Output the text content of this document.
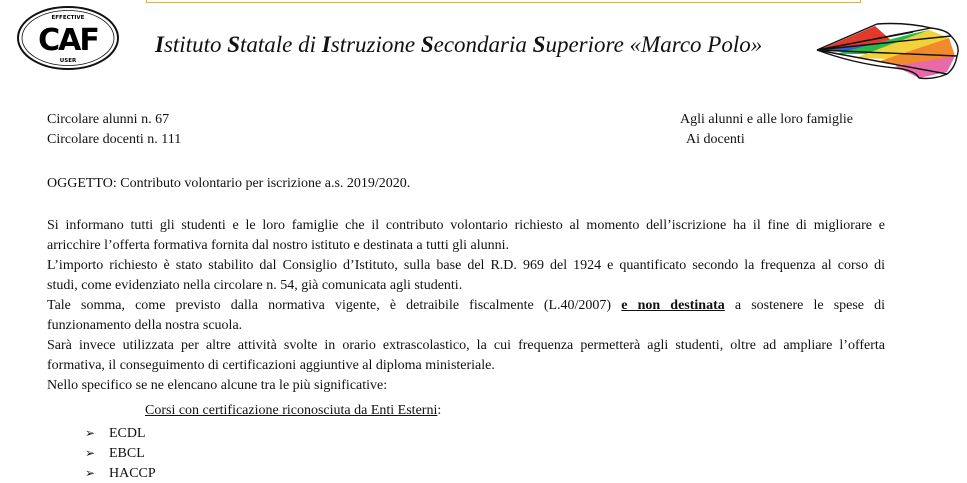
EFFECTIVE
CAF
USER
Istituto Statale di Istruzione Secondaria Superiore «Marco Polo»
Circolare alunni n. 67
Circolare docenti n. 111
Agli alunni e alle loro famiglie
Ai docenti
OGGETTO: Contributo volontario per iscrizione a.s. 2019/2020.
Si informano tutti gli studenti e le loro famiglie che il contributo volontario richiesto al momento dell’iscrizione ha il fine di migliorare e
arricchire l’offerta formativa fornita dal nostro istituto e destinata a tutti gli alunni.
L’importo richiesto è stato stabilito dal Consiglio d’Istituto, sulla base del R.D. 969 del 1924 e quantificato secondo la frequenza al corso di
studi, come evidenziato nella circolare n. 54, già comunicata agli studenti.
Tale somma, come previsto dalla normativa vigente, è detraibile fiscalmente (L.40/2007) e non destinata a sostenere le spese di
funzionamento della nostra scuola.
Sarà invece utilizzata per altre attività svolte in orario extrascolastico, la cui frequenza permetterà agli studenti, oltre ad ampliare l’offerta
formativa, il conseguimento di certificazioni aggiuntive al diploma ministeriale.
Nello specifico se ne elencano alcune tra le più significative:
Corsi con certificazione riconosciuta da Enti Esterni:
➢ ECDL
➢ EBCL
➢ HACCP
